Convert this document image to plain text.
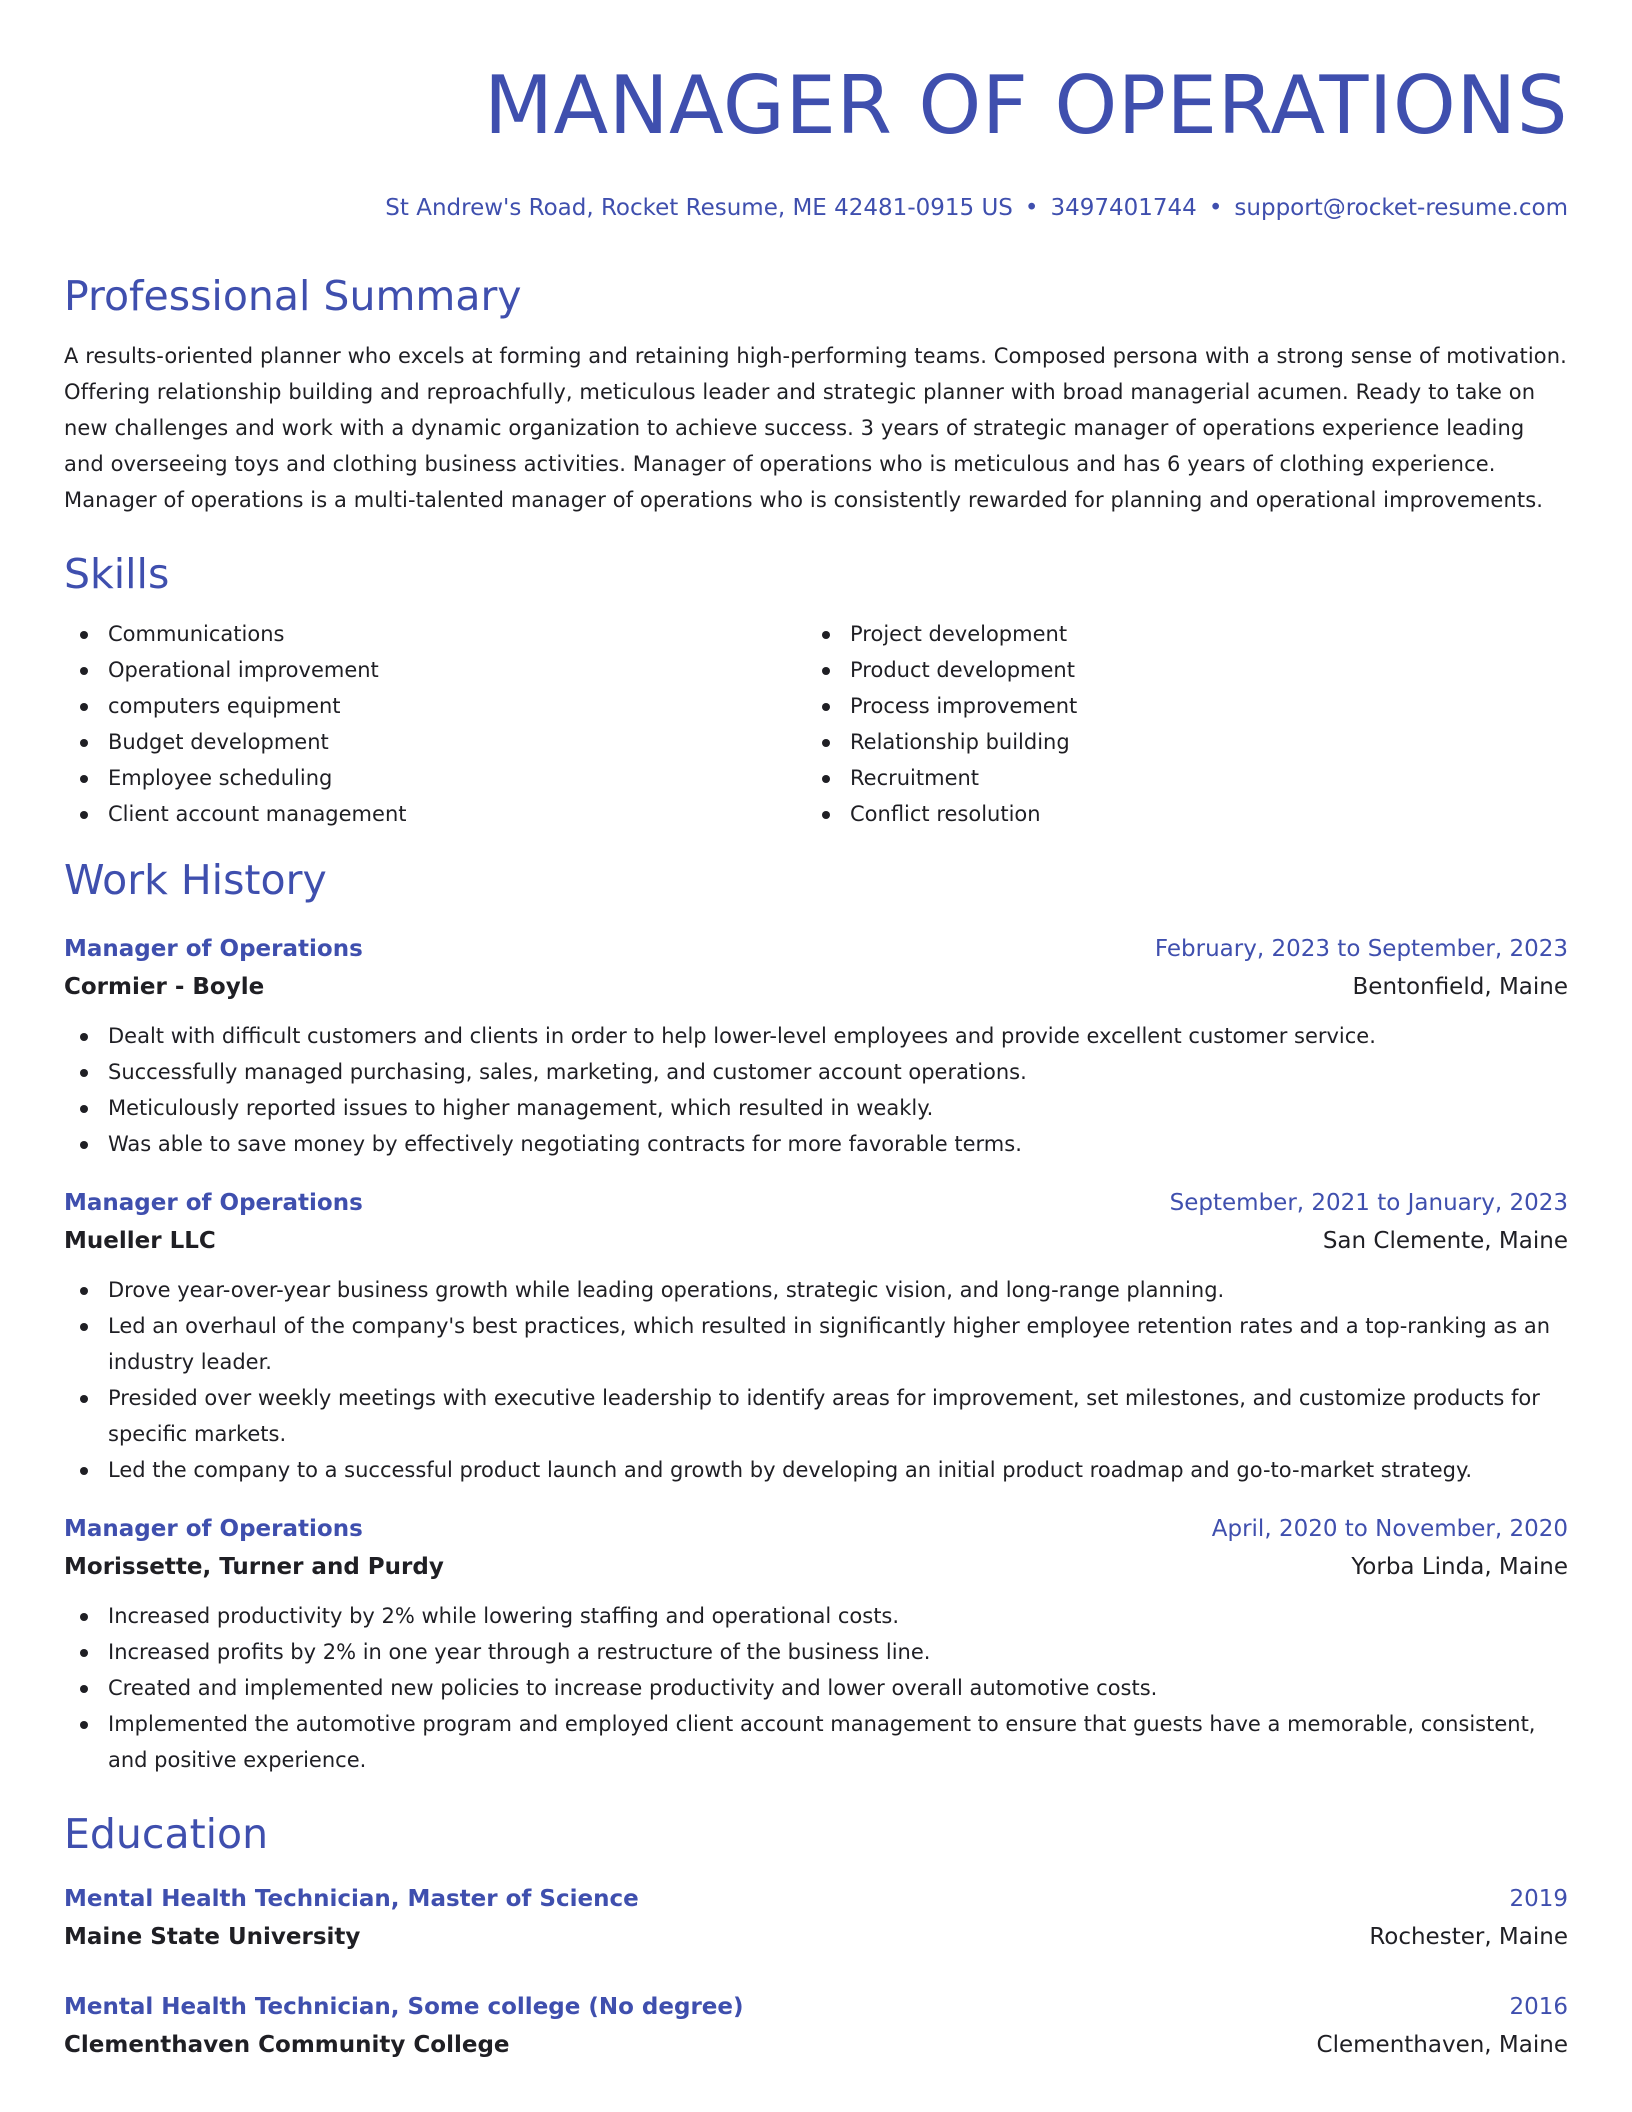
MANAGER OF OPERATIONS
St Andrew's Road, Rocket Resume, ME 42481-0915 US • 3497401744 • support@rocket-resume.com
Professional Summary

A results-oriented planner who excels at forming and retaining high-performing teams. Composed persona with a strong sense of motivation. Offering relationship building and reproachfully, meticulous leader and strategic planner with broad managerial acumen. Ready to take on new challenges and work with a dynamic organization to achieve success. 3 years of strategic manager of operations experience leading and overseeing toys and clothing business activities. Manager of operations who is meticulous and has 6 years of clothing experience. Manager of operations is a multi-talented manager of operations who is consistently rewarded for planning and operational improvements.

Skills
Communications
Operational improvement
computers equipment
Budget development
Employee scheduling
Client account management
Project development
Product development
Process improvement
Relationship building
Recruitment
Conflict resolution
Work History
Manager of Operations	February, 2023 to September, 2023
Cormier - Boyle	Bentonfield, Maine
Dealt with difficult customers and clients in order to help lower-level employees and provide excellent customer service.
Successfully managed purchasing, sales, marketing, and customer account operations.
Meticulously reported issues to higher management, which resulted in weakly.
Was able to save money by effectively negotiating contracts for more favorable terms.
Manager of Operations	September, 2021 to January, 2023
Mueller LLC	San Clemente, Maine
Drove year-over-year business growth while leading operations, strategic vision, and long-range planning.
Led an overhaul of the company's best practices, which resulted in significantly higher employee retention rates and a top-ranking as an industry leader.
Presided over weekly meetings with executive leadership to identify areas for improvement, set milestones, and customize products for specific markets.
Led the company to a successful product launch and growth by developing an initial product roadmap and go-to-market strategy.
Manager of Operations	April, 2020 to November, 2020
Morissette, Turner and Purdy	Yorba Linda, Maine
Increased productivity by 2% while lowering staffing and operational costs.
Increased profits by 2% in one year through a restructure of the business line.
Created and implemented new policies to increase productivity and lower overall automotive costs.
Implemented the automotive program and employed client account management to ensure that guests have a memorable, consistent, and positive experience.
Education
Mental Health Technician, Master of Science	2019
Maine State University	Rochester, Maine
Mental Health Technician, Some college (No degree)	2016
Clementhaven Community College	Clementhaven, Maine
